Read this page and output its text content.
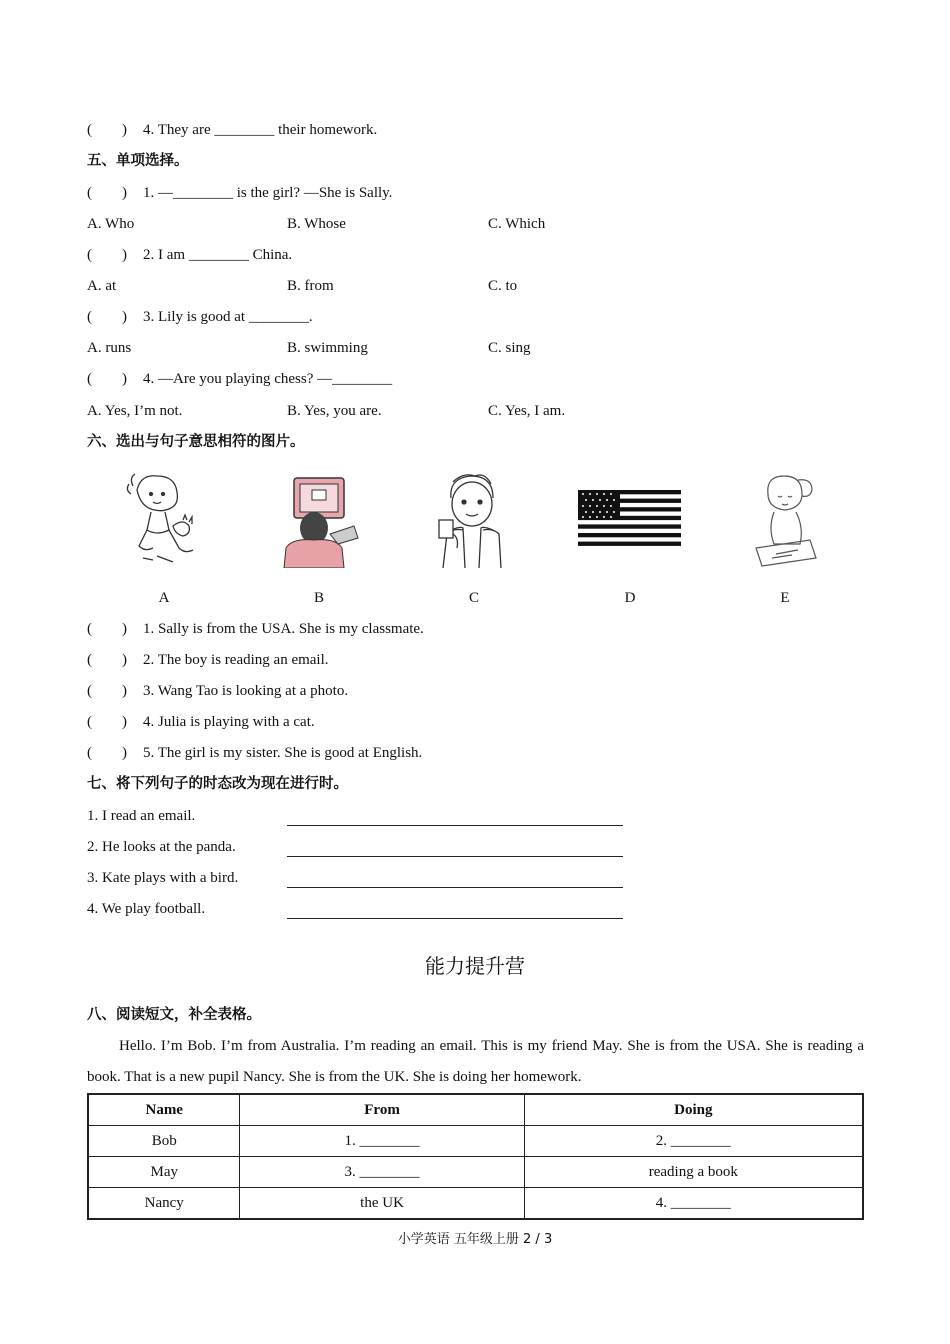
(　　) 4. They are ________ their homework.
五、单项选择。
(　　) 1. —________ is the girl? —She is Sally.
A. Who	B. Whose	C. Which
(　　) 2. I am ________ China.
A. at	B. from	C. to
(　　) 3. Lily is good at ________.
A. runs	B. swimming	C. sing
(　　) 4. —Are you playing chess? —________
A. Yes, I’m not.	B. Yes, you are.	C. Yes, I am.
六、选出与句子意思相符的图片。
A	B	C	D	E
(　　) 1. Sally is from the USA. She is my classmate.
(　　) 2. The boy is reading an email.
(　　) 3. Wang Tao is looking at a photo.
(　　) 4. Julia is playing with a cat.
(　　) 5. The girl is my sister. She is good at English.
七、将下列句子的时态改为现在进行时。
1. I read an email.
2. He looks at the panda.
3. Kate plays with a bird.
4. We play football.
能力提升营
八、阅读短文，补全表格。
Hello. I’m Bob. I’m from Australia. I’m reading an email. This is my friend May. She is from the USA. She is reading a book. That is a new pupil Nancy. She is from the UK. She is doing her homework.
Name	From	Doing
Bob	1. ________	2. ________
May	3. ________	reading a book
Nancy	the UK	4. ________
小学英语 五年级上册 2 / 3
